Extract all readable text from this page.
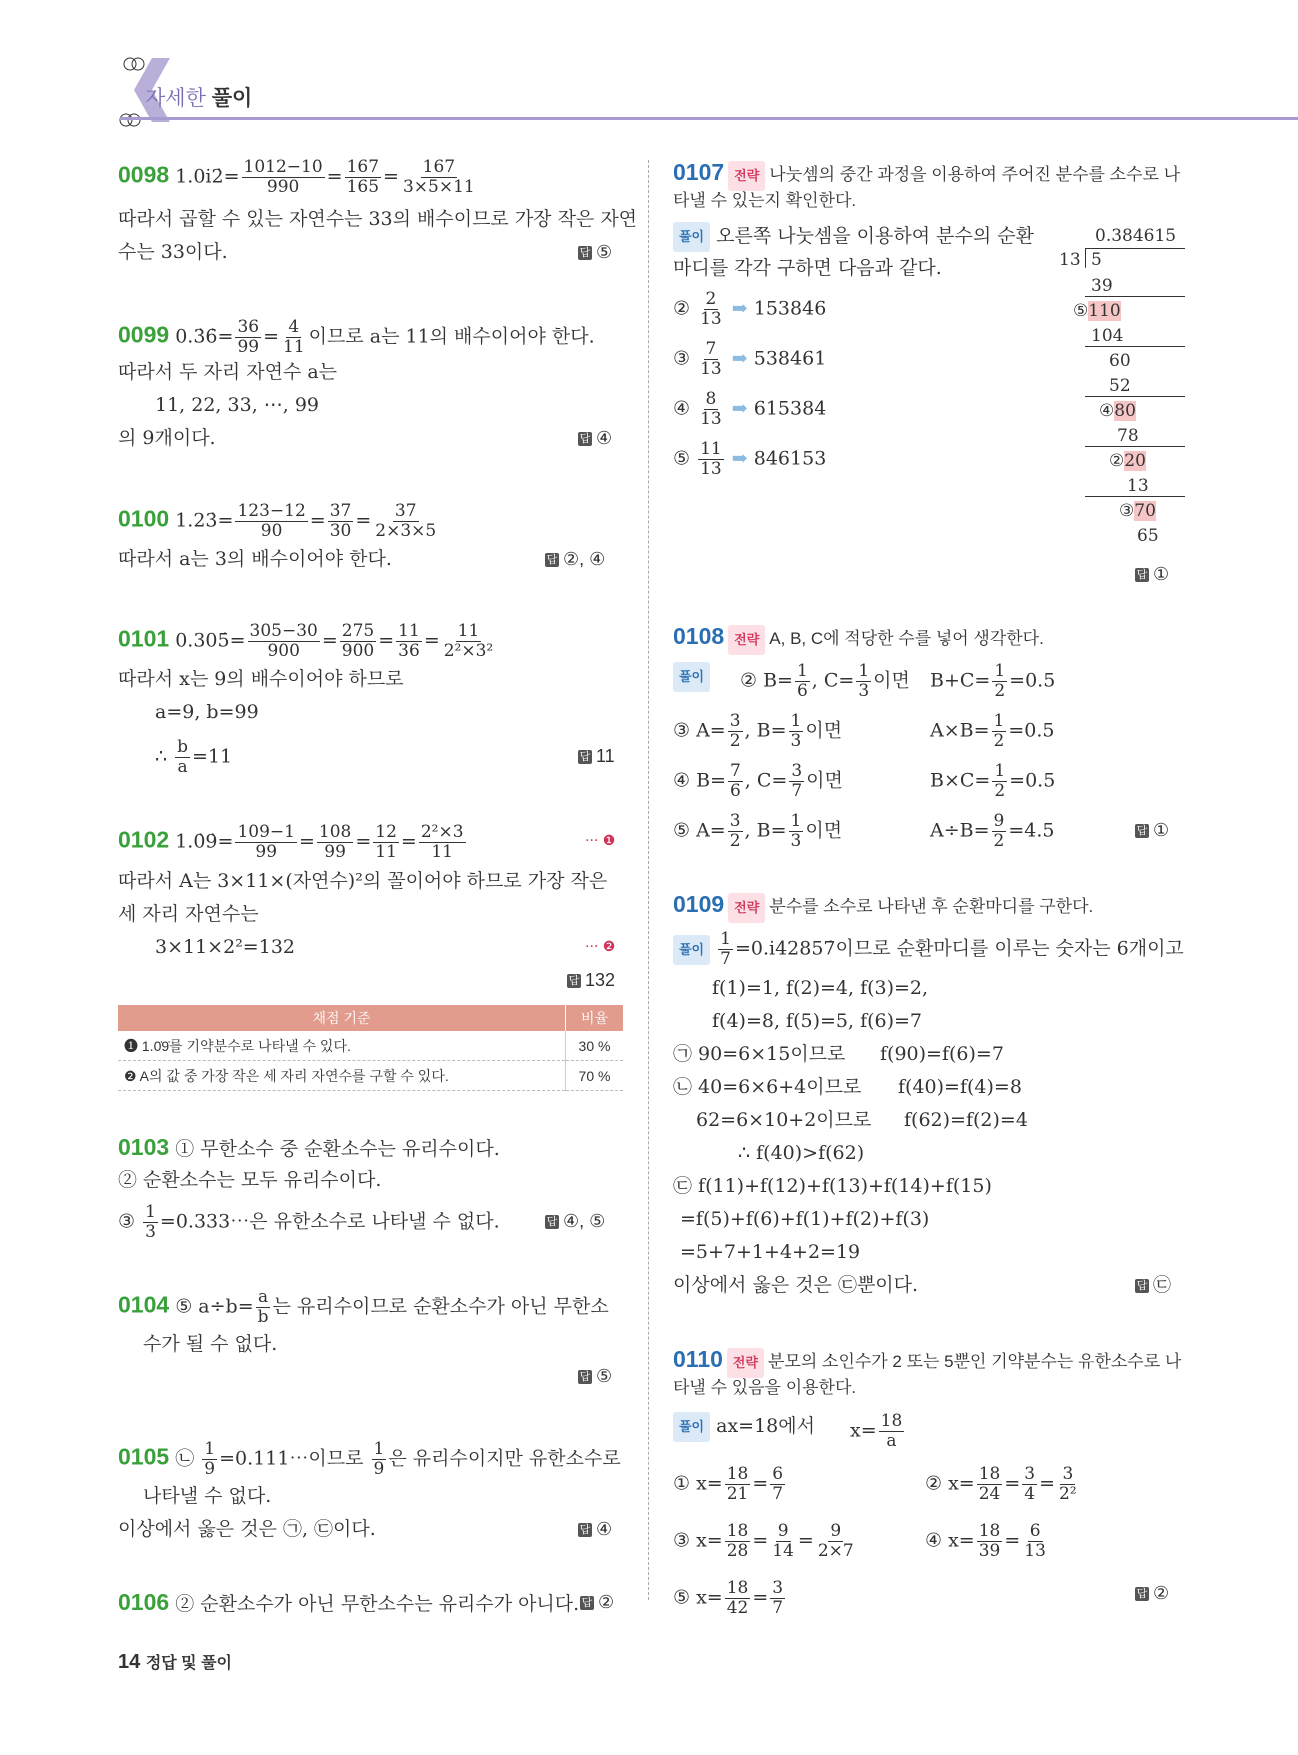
자세한 풀이
0098 1.0i2̇= $\frac{1012-10}{990} = \frac{167}{165} = \frac{167}{3\times 5\times 11}$
따라서 곱할 수 있는 자연수는 33의 배수이므로 가장 작은 자연
수는 33이다.	답 ⑤
0099 0.3̇6̇= $\frac{36}{99} = \frac{4}{11}$ 이므로 a는 11의 배수이어야 한다.
따라서 두 자리 자연수 a는
11, 22, 33, ⋯, 99
의 9개이다.	답 ④
0100 1.23̇= $\frac{123-12}{90} = \frac{37}{30} = \frac{37}{2\times 3\times 5}$
따라서 a는 3의 배수이어야 한다.	답 ②, ④
0101 0.305̇= $\frac{305-30}{900} = \frac{275}{900} = \frac{11}{36} = \frac{11}{\text{2²×3²}}$
따라서 x는 9의 배수이어야 하므로
a=9, b=99
∴ $\frac{b}{a} =11$	답 11
0102 1.0̇9̇= $\frac{109-1}{99} = \frac{108}{99} = \frac{12}{11} = \frac{\text{2²×3}}{11}$	··· ❶
따라서 A는 3×11×(자연수)²의 꼴이어야 하므로 가장 작은
세 자리 자연수는
3×11×2²=132	··· ❷
답 132
채점 기준	비율
❶ 1.0̇9̇를 기약분수로 나타낼 수 있다.	30 %
❷ A의 값 중 가장 작은 세 자리 자연수를 구할 수 있다.	70 %
0103 ① 무한소수 중 순환소수는 유리수이다.
② 순환소수는 모두 유리수이다.
③ $\frac{1}{3}$ =0.333⋯은 유한소수로 나타낼 수 없다.	답 ④, ⑤
0104 ⑤ $a\div b= \frac{a}{b}$ 는 유리수이므로 순환소수가 아닌 무한소
수가 될 수 없다.
답 ⑤
0105 ㉡ $\frac{1}{9}$ =0.111⋯이므로 $\frac{1}{9}$ 은 유리수이지만 유한소수로
나타낼 수 없다.
이상에서 옳은 것은 ㉠, ㉢이다.	답 ④
0106 ② 순환소수가 아닌 무한소수는 유리수가 아니다. 답 ②
0107 전략 나눗셈의 중간 과정을 이용하여 주어진 분수를 소수로 나
타낼 수 있는지 확인한다.
풀이 오른쪽 나눗셈을 이용하여 분수의 순환
마디를 각각 구하면 다음과 같다.
② $\frac{2}{13}$ ➡ 153846
③ $\frac{7}{13}$ ➡ 538461
④ $\frac{8}{13}$ ➡ 615384
⑤ $\frac{11}{13}$ ➡ 846153
0.384615
13 5
39
⑤110
104
60
52
④80
78
②20
13
③70
65
답 ①
0108 전략 A, B, C에 적당한 수를 넣어 생각한다.
풀이	② $B= \frac{1}{6}$ , $C= \frac{1}{3}$ 이면 $B+C= \frac{1}{2} =0.5$
③ $A= \frac{3}{2}$ , $B= \frac{1}{3}$ 이면	$A\times B= \frac{1}{2} =0.5$
④ $B= \frac{7}{6}$ , $C= \frac{3}{7}$ 이면	$B\times C= \frac{1}{2} =0.5$
⑤ $A= \frac{3}{2}$ , $B= \frac{1}{3}$ 이면	$A\div B= \frac{9}{2} =4.5$	답 ①
0109 전략 분수를 소수로 나타낸 후 순환마디를 구한다.
풀이 $\frac{1}{7}$ =0.i42857̇이므로 순환마디를 이루는 숫자는 6개이고
f(1)=1, f(2)=4, f(3)=2,
f(4)=8, f(5)=5, f(6)=7
㉠ 90=6×15이므로 f(90)=f(6)=7
㉡ 40=6×6+4이므로 f(40)=f(4)=8
62=6×10+2이므로 f(62)=f(2)=4
∴ f(40)>f(62)
㉢ f(11)+f(12)+f(13)+f(14)+f(15)
=f(5)+f(6)+f(1)+f(2)+f(3)
=5+7+1+4+2=19
이상에서 옳은 것은 ㉢뿐이다.	답 ㉢
0110 전략 분모의 소인수가 2 또는 5뿐인 기약분수는 유한소수로 나
타낼 수 있음을 이용한다.
풀이 ax=18에서 $x= \frac{18}{a}$
① $x= \frac{18}{21} = \frac{6}{7}$	② $x= \frac{18}{24} = \frac{3}{4} = \frac{3}{\text{2²}}$
③ $x= \frac{18}{28} = \frac{9}{14} = \frac{9}{2\times 7}$	④ $x= \frac{18}{39} = \frac{6}{13}$
⑤ $x= \frac{18}{42} = \frac{3}{7}$	답 ②
14 정답 및 풀이
